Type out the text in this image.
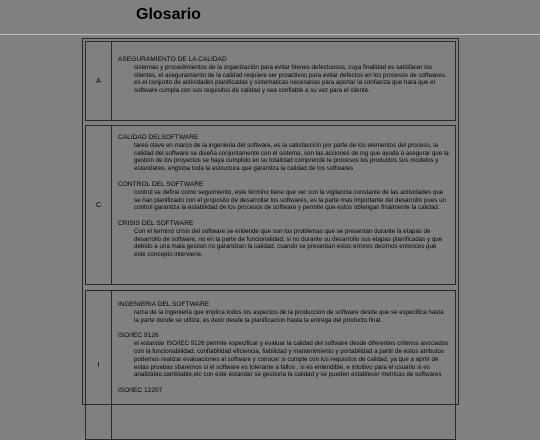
Glosario
A
ASEGURAMIENTO DE LA CALIDAD
sistemas y procedimientos de la organización para evitar bienes defectuosos, cuya finalidad es satisfacer los clientes, el aseguramiento de la calidad requiere ser proactivos para evitar defectos en los procesos de softwares. es el conjunto de actividades planificadas y sistematicas necesarias para aportar la confianza que hara que el software cumpla con sus requisitos de calidad y sea confiable a su vez para el cliente.
C
CALIDAD DELSOFTWARE
tarea clave en marco de la ingenieria del software, es la satisfacción por parte de los elementos del proceso, la calidad del software se diseña conjuntamente con el sistema, son las acciones de ing que ayuda a asegurar que la gestion de los proyectos se haya cumplido en su totalidad comprende le procesos los productos sus modelos y estandares, engloba toda la estructura que garantiza la calidad de los softwares
CONTROL DEL SOFTWARE
control se define como seguimiento, este término tiene que ver con la vigilancia constante de las actividades que se han planificado con el proposito de desarrollar los softwares, es la parte mas importante del desarrollo pues un control garantiza la estabilidad de los procesos de software y permite que estos obtengan finalmente la calidad.
CRISIS DEL SOFTWARE
Con el termino crisis del software se entiende que son los problemas que se presentan durante la etapas de desarrollo de software, no en la parte de funcionalidad, si no durante su desarrollo sus etapas planificadas y que debido a una mala gestion no garantizan la calidad, cuando se presentan estos errores decimos entonces que este concepto interviene.
I
INGENIERIA DEL SOFTWARE
rama de la ingenieria que implica todos los aspectos de la produccion de software desde que se especifica hasta la parte donde se utiliza, es decir desde la planificacion hasta la entrega del producto final.
ISO/IEC 9126
el estandar ISO/IEC 9126 permite especificar y evaluar la calidad del software desde diferentes criterios asociados con la funcionabilidad, confiabilidad eficiencia, fiabilidad y mantenimiento y portabilidad a partir de estos atributos podemos realizar evaluaciones al software y conocer si cumple con los requisitos de calidad, ya que a aprtir de estas pruebas sbaremos si el software es tolerante a fallos , si es entendible, e intuitivo para el usuario si es analizable,cambiable,etc con este estandar se gestiona la calidad y se pueden establecer metricas de softwares
ISO/IEC 12207
